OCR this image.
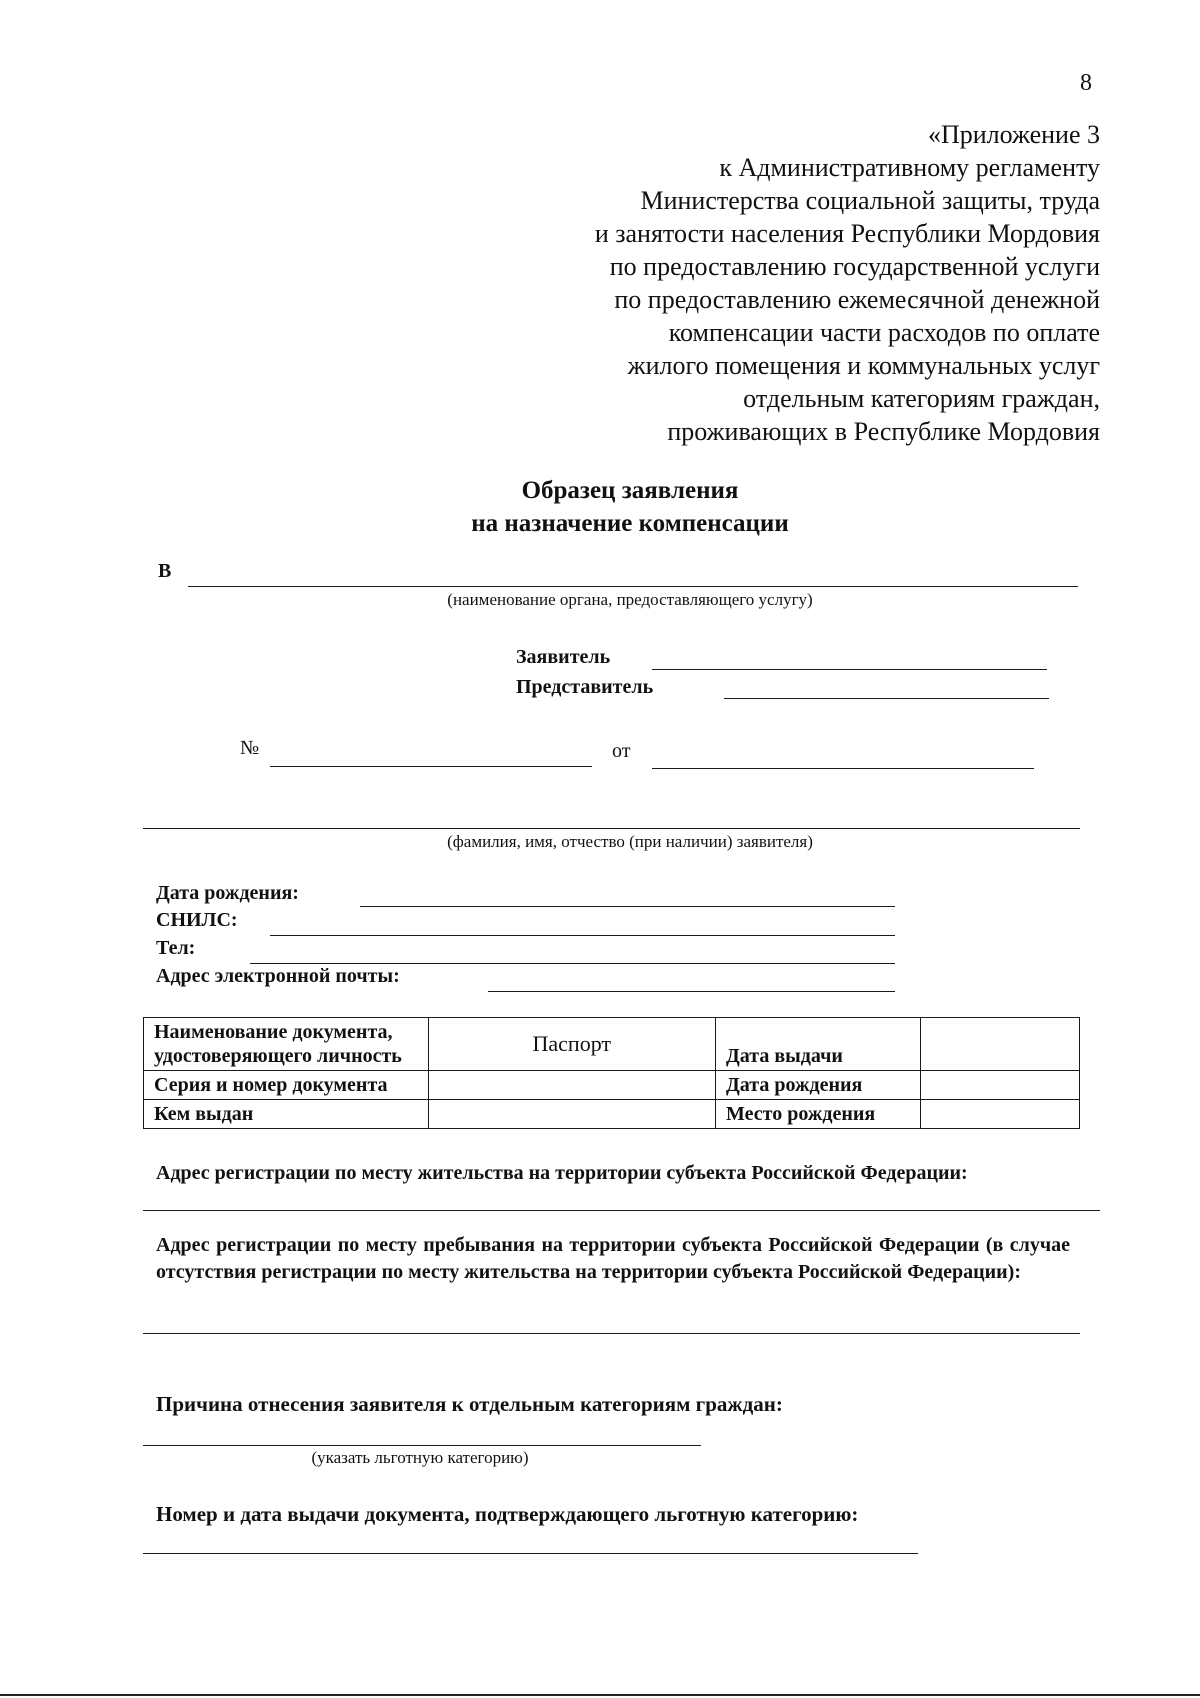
8
«Приложение 3
к Административному регламенту
Министерства социальной защиты, труда
и занятости населения Республики Мордовия
по предоставлению государственной услуги
по предоставлению ежемесячной денежной
компенсации части расходов по оплате
жилого помещения и коммунальных услуг
отдельным категориям граждан,
проживающих в Республике Мордовия
Образец заявления
на назначение компенсации
В
(наименование органа, предоставляющего услугу)
Заявитель
Представитель
№	от
(фамилия, имя, отчество (при наличии) заявителя)
Дата рождения:
СНИЛС:
Тел:
Адрес электронной почты:
Наименование документа, удостоверяющего личность	Паспорт	Дата выдачи	
Серия и номер документа		Дата рождения	
Кем выдан		Место рождения	
Адрес регистрации по месту жительства на территории субъекта Российской Федерации:
Адрес регистрации по месту пребывания на территории субъекта Российской Федерации (в случае отсутствия регистрации по месту жительства на территории субъекта Российской Федерации):
Причина отнесения заявителя к отдельным категориям граждан:
(указать льготную категорию)
Номер и дата выдачи документа, подтверждающего льготную категорию:
